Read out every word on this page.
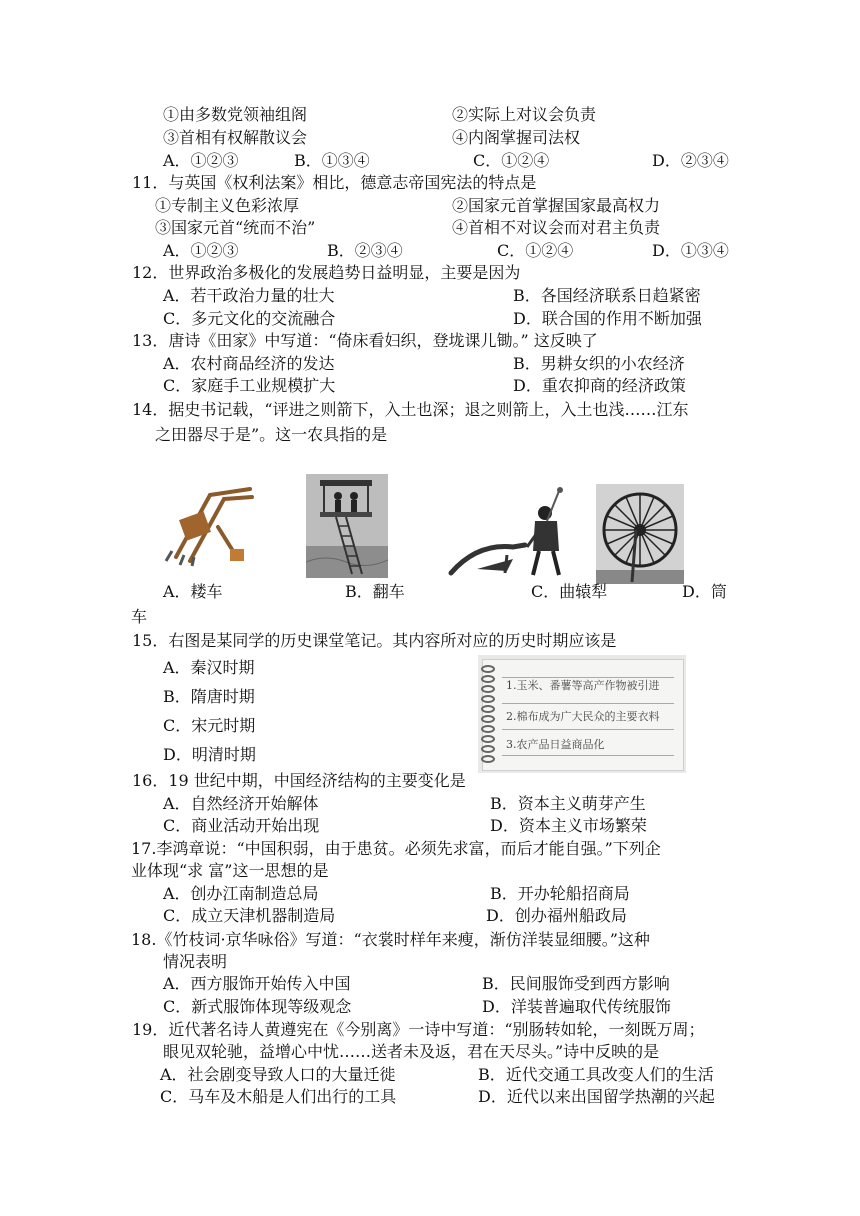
①由多数党领袖组阁	②实际上对议会负责
③首相有权解散议会	④内阁掌握司法权
A．①②③	B．①③④	C．①②④	D．②③④
11．与英国《权利法案》相比，德意志帝国宪法的特点是
①专制主义色彩浓厚	②国家元首掌握国家最高权力
③国家元首“统而不治”	④首相不对议会而对君主负责
A．①②③	B．②③④	C．①②④	D．①③④
12．世界政治多极化的发展趋势日益明显，主要是因为
A．若干政治力量的壮大	B．各国经济联系日趋紧密
C．多元文化的交流融合	D．联合国的作用不断加强
13．唐诗《田家》中写道：“倚床看妇织，登垅课儿锄。” 这反映了
A．农村商品经济的发达	B．男耕女织的小农经济
C．家庭手工业规模扩大	D．重农抑商的经济政策
14．据史书记载，“评进之则箭下，入土也深；退之则箭上，入土也浅……江东
之田器尽于是”。这一农具指的是
A．耧车	B．翻车	C．曲辕犁	D．筒
车
15．右图是某同学的历史课堂笔记。其内容所对应的历史时期应该是
A．秦汉时期
B．隋唐时期
C．宋元时期
D．明清时期
1.玉米、番薯等高产作物被引进
2.棉布成为广大民众的主要衣料
3.农产品日益商品化
16．19 世纪中期，中国经济结构的主要变化是
A．自然经济开始解体	B．资本主义萌芽产生
C．商业活动开始出现	D．资本主义市场繁荣
17.李鸿章说：“中国积弱，由于患贫。必须先求富，而后才能自强。”下列企
业体现“求 富”这一思想的是
A．创办江南制造总局	B．开办轮船招商局
C．成立天津机器制造局	D．创办福州船政局
18.《竹枝词·京华咏俗》写道：“衣裳时样年来瘦，渐仿洋装显细腰。”这种
情况表明
A．西方服饰开始传入中国	B．民间服饰受到西方影响
C．新式服饰体现等级观念	D．洋装普遍取代传统服饰
19．近代著名诗人黄遵宪在《今别离》一诗中写道：“别肠转如轮，一刻既万周；
眼见双轮驰，益增心中忧……送者未及返，君在天尽头。”诗中反映的是
A．社会剧变导致人口的大量迁徙	B．近代交通工具改变人们的生活
C．马车及木船是人们出行的工具	D．近代以来出国留学热潮的兴起
